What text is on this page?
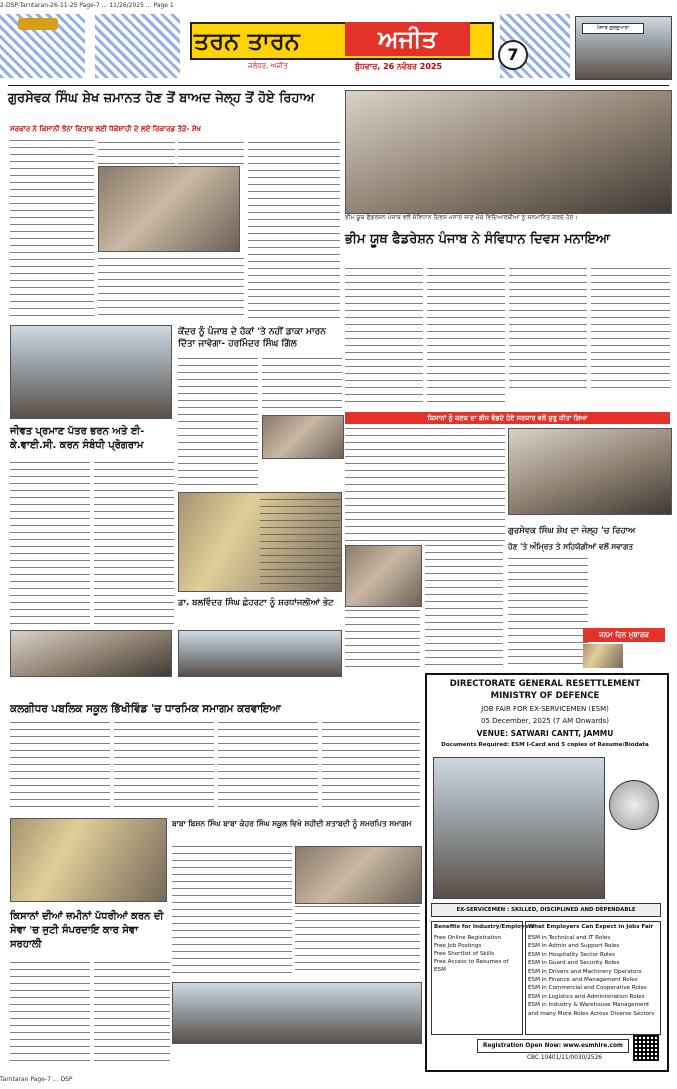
2-DSP-Tarntaran-26-11-25 Page-7 ... 11/26/2025 ... Page 1
ਪੰਜਾਬ ਗੁਰਦੁਆਰਾ
ਤਰਨ ਤਾਰਨ	ਅਜੀਤ
ਜਲੰਧਰ, ਅਜੀਤ	ਬੁੱਧਵਾਰ, 26 ਨਵੰਬਰ 2025
7
ਗੁਰਸੇਵਕ ਸਿੰਘ ਸ਼ੇਖ ਜ਼ਮਾਨਤ ਹੋਣ ਤੋਂ ਬਾਅਦ ਜੇਲ੍ਹ ਤੋਂ ਹੋਏ ਰਿਹਾਅ
ਸਰਕਾਰ ਨੇ ਕਿਸਾਨੀ ਝੋਨਾ ਕਿਤਾਬ ਲਈ ਧੱਕੇਸ਼ਾਹੀ ਦੇ ਲਏ ਰਿਕਾਰਡ ਤੋੜੇ- ਸ਼ੇਖ
ਭੀਮ ਯੂਥ ਫੈਡਰੇਸ਼ਨ ਪੰਜਾਬ ਵਲੋਂ ਸੰਵਿਧਾਨ ਦਿਵਸ ਮਨਾਏ ਜਾਣ ਮੌਕੇ ਵਿਦਿਆਰਥੀਆਂ ਨੂੰ ਸਨਮਾਨਿਤ ਕਰਦੇ ਹੋਏ।
ਭੀਮ ਯੂਥ ਫੈਡਰੇਸ਼ਨ ਪੰਜਾਬ ਨੇ ਸੰਵਿਧਾਨ ਦਿਵਸ ਮਨਾਇਆ
ਕੇਂਦਰ ਨੂੰ ਪੰਜਾਬ ਦੇ ਹੱਕਾਂ 'ਤੇ ਨਹੀਂ ਡਾਕਾ ਮਾਰਨ ਦਿੱਤਾ ਜਾਵੇਗਾ- ਹਰਮਿੰਦਰ ਸਿੰਘ ਗਿੱਲ
ਜੀਵਤ ਪ੍ਰਮਾਣ ਪੱਤਰ ਭਰਨ ਅਤੇ ਈ-ਕੇ.ਵਾਈ.ਸੀ. ਕਰਨ ਸੰਬੰਧੀ ਪ੍ਰੋਗਰਾਮ
ਡਾ. ਬਲਵਿੰਦਰ ਸਿੰਘ ਛੇਹਰਟਾ ਨੂੰ ਸ਼ਰਧਾਂਜਲੀਆਂ ਭੇਟ
ਕਿਸਾਨਾਂ ਨੂੰ ਕਣਕ ਦਾ ਬੀਜ ਵੰਡਦੇ ਹੋਏ ਸਰਕਾਰ ਵਲੋਂ ਸ਼ੁਰੂ ਕੀਤਾ ਗਿਆ
ਗੁਰਸੇਵਕ ਸਿੰਘ ਸ਼ੇਖ ਦਾ ਜੇਲ੍ਹ 'ਚ ਰਿਹਾਅ
ਹੋਣ 'ਤੇ ਅੰਮ੍ਰਿਤ ਤੇ ਸਹਿਯੋਗੀਆਂ ਵਲੋਂ ਸਵਾਗਤ
ਜਨਮ ਦਿਨ ਮੁਬਾਰਕ
ਕਲਗੀਧਰ ਪਬਲਿਕ ਸਕੂਲ ਭਿੱਖੀਵਿੰਡ 'ਚ ਧਾਰਮਿਕ ਸਮਾਗਮ ਕਰਵਾਇਆ
ਬਾਬਾ ਬਿਸ਼ਨ ਸਿੰਘ ਬਾਬਾ ਕੇਹਰ ਸਿੰਘ ਸਕੂਲ ਵਿਖੇ ਸ਼ਹੀਦੀ ਸ਼ਤਾਬਦੀ ਨੂੰ ਸਮਰਪਿਤ ਸਮਾਗਮ
ਕਿਸਾਨਾਂ ਦੀਆਂ ਜ਼ਮੀਨਾਂ ਪੱਧਰੀਆਂ ਕਰਨ ਦੀ ਸੇਵਾ 'ਚ ਜੁਟੀ ਸੰਪਰਦਾਇ ਕਾਰ ਸੇਵਾ ਸਰਹਾਲੀ
DIRECTORATE GENERAL RESETTLEMENT
MINISTRY OF DEFENCE
JOB FAIR FOR EX-SERVICEMEN (ESM)
05 December, 2025 (7 AM Onwards)
VENUE: SATWARI CANTT, JAMMU
Documents Required: ESM I-Card and 5 copies of Resume/Biodata
EX-SERVICEMEN : SKILLED, DISCIPLINED AND DEPENDABLE
Benefits for Industry/Employers
Free Online Registration
Free Job Postings
Free Shortlist of Skills
Free Access to Resumes of ESM
What Employers Can Expect in Jobs Fair
ESM in Technical and IT Roles
ESM in Admin and Support Roles
ESM in Hospitality Sector Roles
ESM in Guard and Security Roles
ESM in Drivers and Machinery Operators
ESM in Finance and Management Roles
ESM in Commercial and Cooperative Roles
ESM in Logistics and Administration Roles
ESM in Industry & Warehouse Management
and many More Roles Across Diverse Sectors
Registration Open Now: www.esmhire.com
CBC 10401/11/0030/2526
Tarntaran Page-7 ... DSP
